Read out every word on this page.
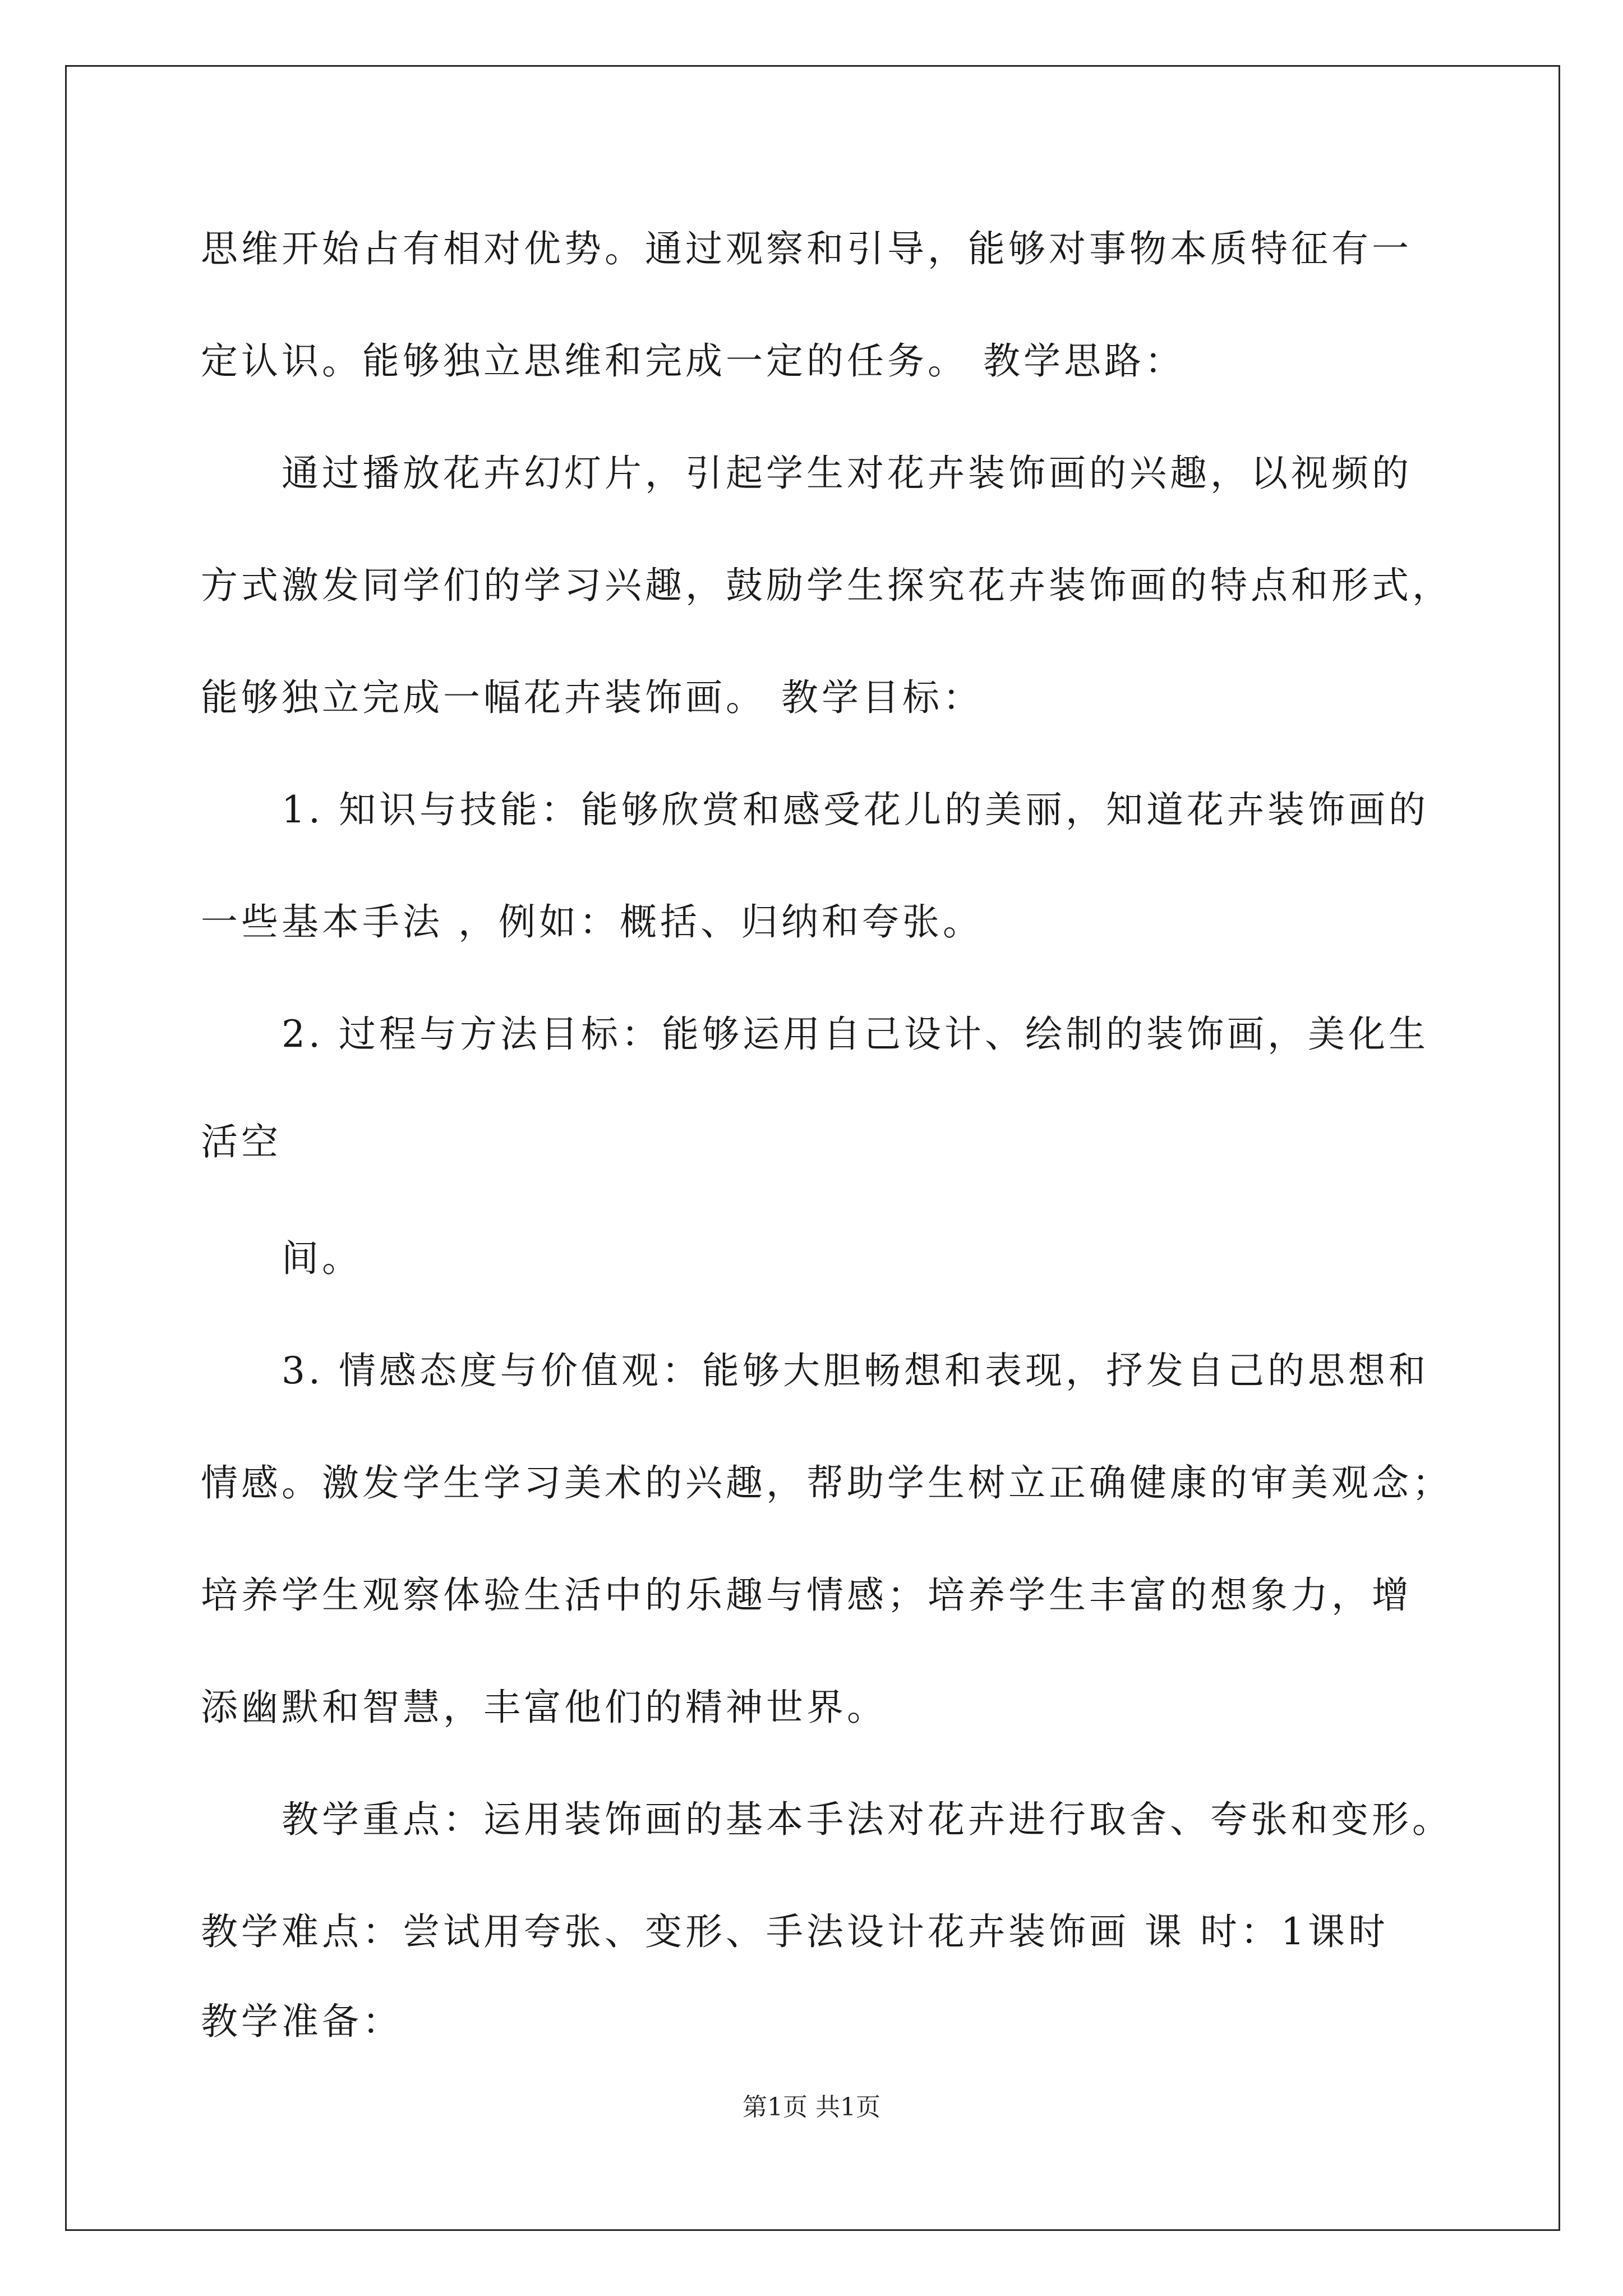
思维开始占有相对优势。通过观察和引导，能够对事物本质特征有一
定认识。能够独立思维和完成一定的任务。 教学思路：
通过播放花卉幻灯片，引起学生对花卉装饰画的兴趣，以视频的
方式激发同学们的学习兴趣，鼓励学生探究花卉装饰画的特点和形式，
能够独立完成一幅花卉装饰画。 教学目标：
1. 知识与技能：能够欣赏和感受花儿的美丽，知道花卉装饰画的
一些基本手法 ，例如：概括、归纳和夸张。
2. 过程与方法目标：能够运用自己设计、绘制的装饰画，美化生
活空
间。
3. 情感态度与价值观：能够大胆畅想和表现，抒发自己的思想和
情感。激发学生学习美术的兴趣，帮助学生树立正确健康的审美观念；
培养学生观察体验生活中的乐趣与情感；培养学生丰富的想象力，增
添幽默和智慧，丰富他们的精神世界。
教学重点：运用装饰画的基本手法对花卉进行取舍、夸张和变形。
教学难点：尝试用夸张、变形、手法设计花卉装饰画 课 时：1课时
教学准备：
第1页 共1页
